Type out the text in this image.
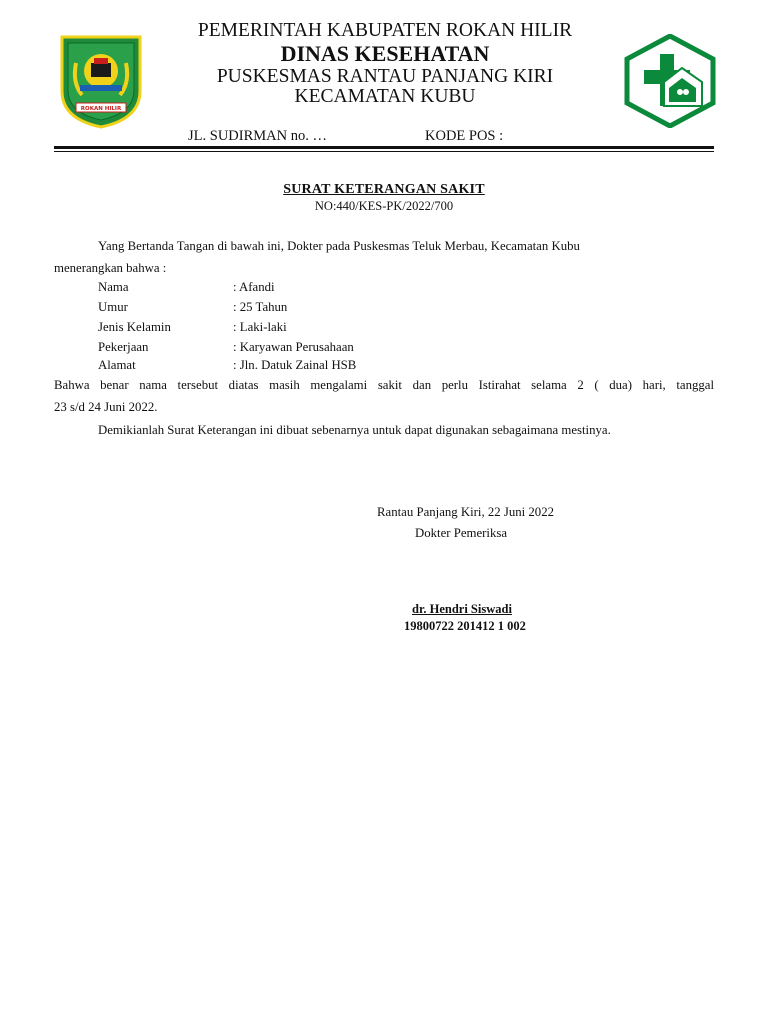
ROKAN HILIR
PEMERINTAH KABUPATEN ROKAN HILIR
DINAS KESEHATAN
PUSKESMAS RANTAU PANJANG KIRI
KECAMATAN KUBU
JL. SUDIRMAN no. …	KODE POS :
SURAT KETERANGAN SAKIT
NO:440/KES-PK/2022/700
Yang Bertanda Tangan di bawah ini, Dokter pada Puskesmas Teluk Merbau, Kecamatan Kubu
menerangkan bahwa :
Nama	: Afandi
Umur	: 25 Tahun
Jenis Kelamin	: Laki-laki
Pekerjaan	: Karyawan Perusahaan
Alamat	: Jln. Datuk Zainal HSB
Bahwa benar nama tersebut diatas masih mengalami sakit dan perlu Istirahat selama 2 ( dua) hari, tanggal
23 s/d 24 Juni 2022.
Demikianlah Surat Keterangan ini dibuat sebenarnya untuk dapat digunakan sebagaimana mestinya.
Rantau Panjang Kiri, 22 Juni 2022
Dokter Pemeriksa
dr. Hendri Siswadi
19800722 201412 1 002
